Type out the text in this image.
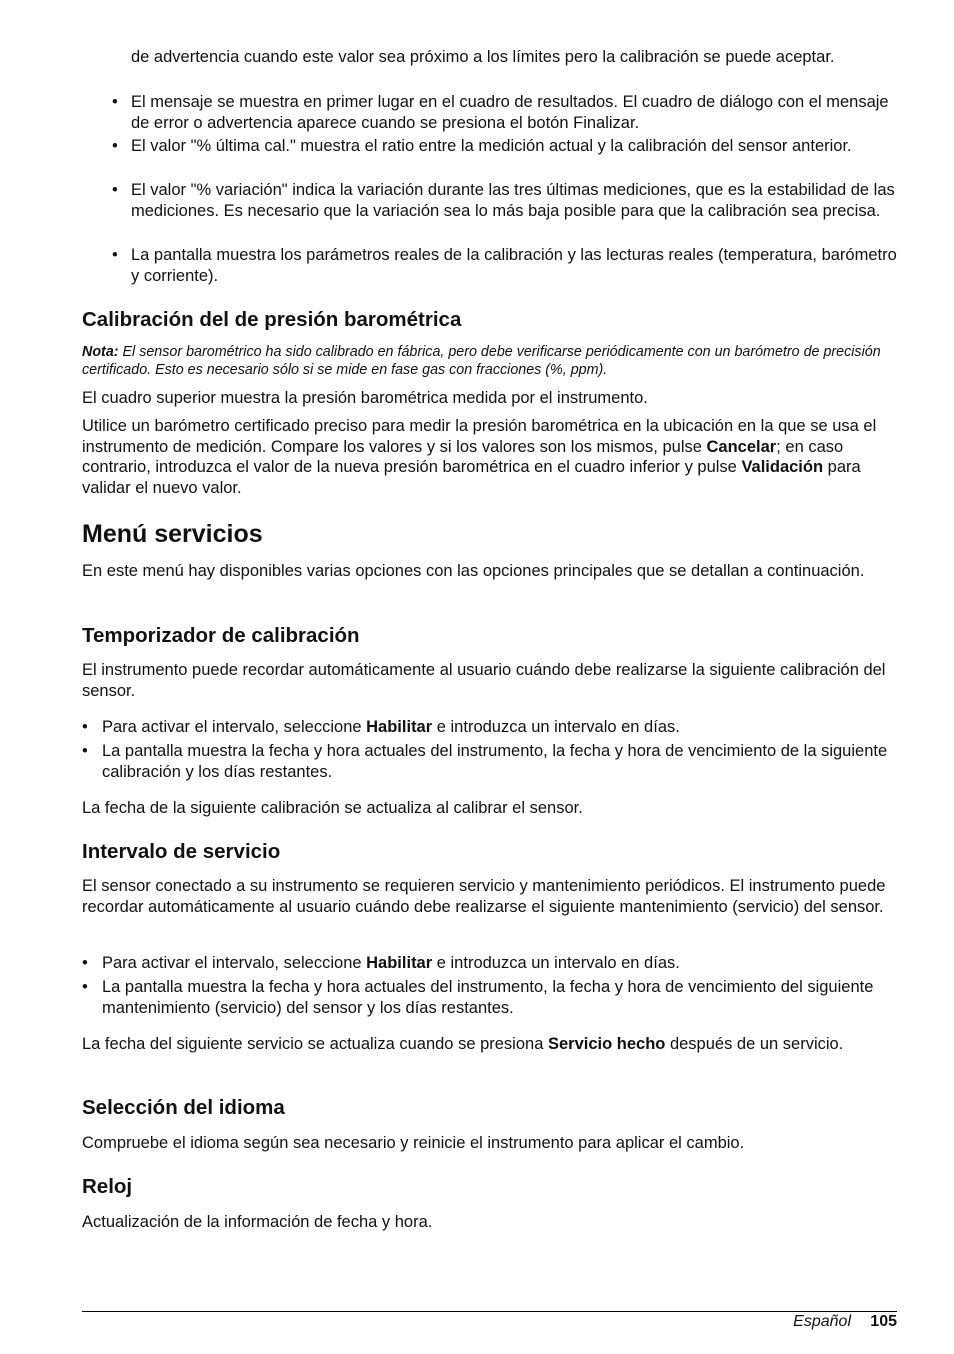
de advertencia cuando este valor sea próximo a los límites pero la calibración se puede aceptar.
• El mensaje se muestra en primer lugar en el cuadro de resultados. El cuadro de diálogo con el mensaje de error o advertencia aparece cuando se presiona el botón Finalizar.
• El valor "% última cal." muestra el ratio entre la medición actual y la calibración del sensor anterior.
• El valor "% variación" indica la variación durante las tres últimas mediciones, que es la estabilidad de las mediciones. Es necesario que la variación sea lo más baja posible para que la calibración sea precisa.
• La pantalla muestra los parámetros reales de la calibración y las lecturas reales (temperatura, barómetro y corriente).
Calibración del de presión barométrica
Nota: El sensor barométrico ha sido calibrado en fábrica, pero debe verificarse periódicamente con un barómetro de precisión certificado. Esto es necesario sólo si se mide en fase gas con fracciones (%, ppm).
El cuadro superior muestra la presión barométrica medida por el instrumento.
Utilice un barómetro certificado preciso para medir la presión barométrica en la ubicación en la que se usa el instrumento de medición. Compare los valores y si los valores son los mismos, pulse Cancelar; en caso contrario, introduzca el valor de la nueva presión barométrica en el cuadro inferior y pulse Validación para validar el nuevo valor.
Menú servicios
En este menú hay disponibles varias opciones con las opciones principales que se detallan a continuación.
Temporizador de calibración
El instrumento puede recordar automáticamente al usuario cuándo debe realizarse la siguiente calibración del sensor.
• Para activar el intervalo, seleccione Habilitar e introduzca un intervalo en días.
• La pantalla muestra la fecha y hora actuales del instrumento, la fecha y hora de vencimiento de la siguiente calibración y los días restantes.
La fecha de la siguiente calibración se actualiza al calibrar el sensor.
Intervalo de servicio
El sensor conectado a su instrumento se requieren servicio y mantenimiento periódicos. El instrumento puede recordar automáticamente al usuario cuándo debe realizarse el siguiente mantenimiento (servicio) del sensor.
• Para activar el intervalo, seleccione Habilitar e introduzca un intervalo en días.
• La pantalla muestra la fecha y hora actuales del instrumento, la fecha y hora de vencimiento del siguiente mantenimiento (servicio) del sensor y los días restantes.
La fecha del siguiente servicio se actualiza cuando se presiona Servicio hecho después de un servicio.
Selección del idioma
Compruebe el idioma según sea necesario y reinicie el instrumento para aplicar el cambio.
Reloj
Actualización de la información de fecha y hora.
Español 105
